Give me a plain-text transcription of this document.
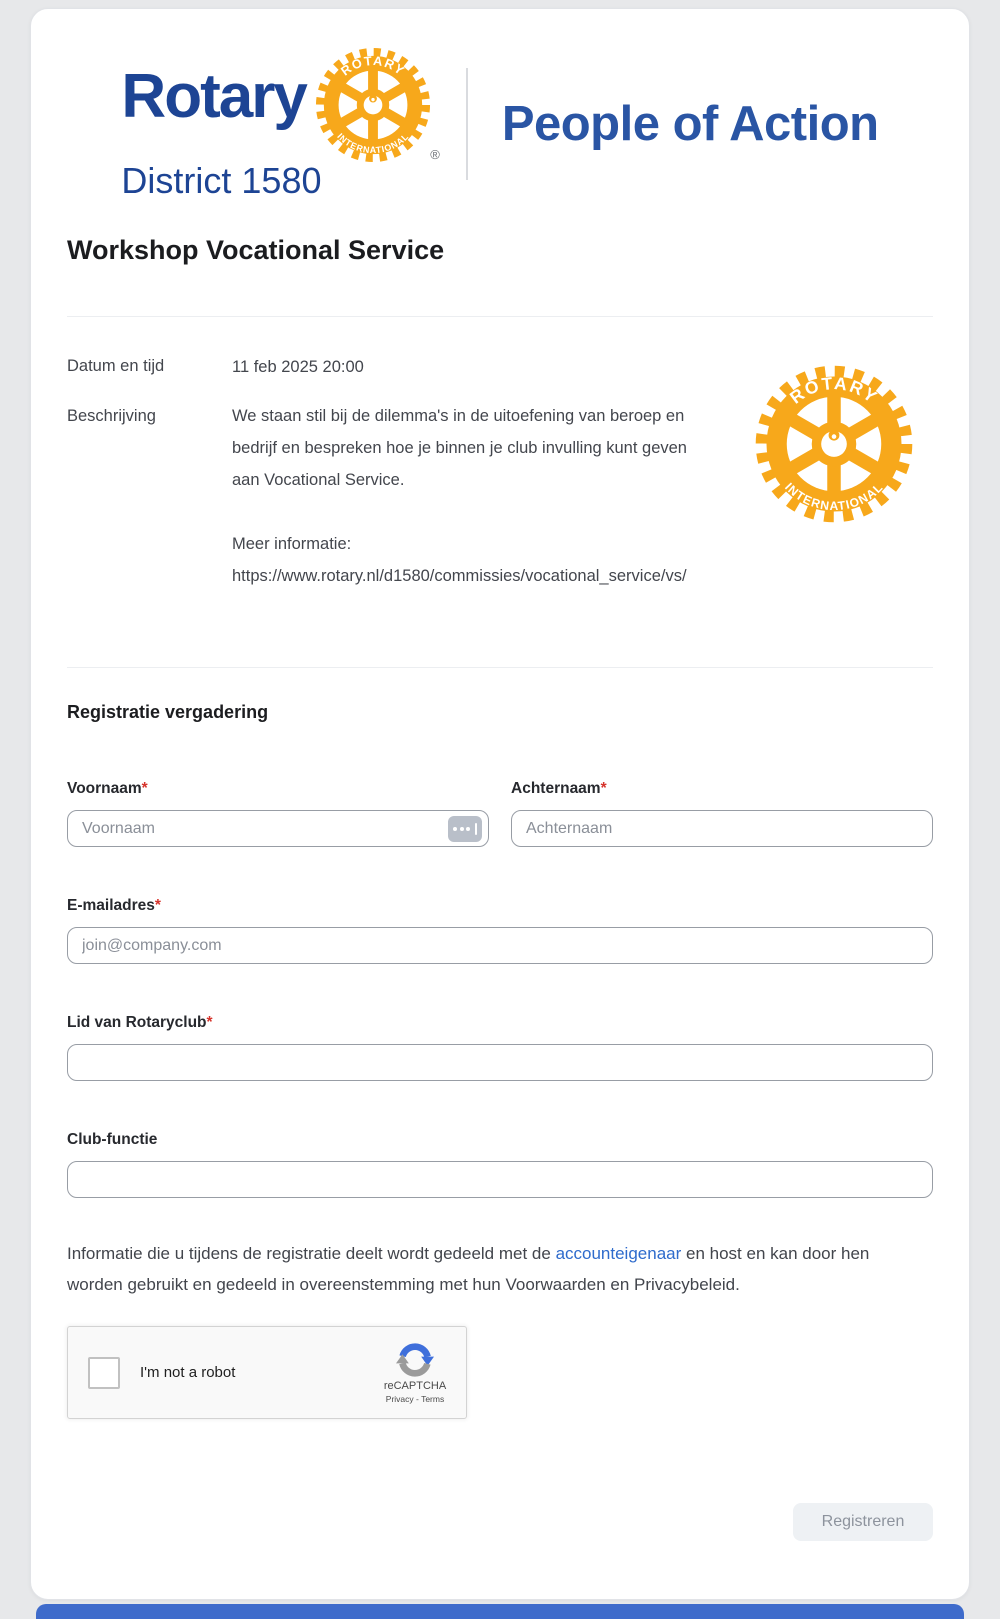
Rotary
®
District 1580
People of Action
Workshop Vocational Service
Datum en tijd	11 feb 2025 20:00
Beschrijving	We staan stil bij de dilemma's in de uitoefening van beroep en bedrijf en bespreken hoe je binnen je club invulling kunt geven aan Vocational Service.
Meer informatie:
https://www.rotary.nl/d1580/commissies/vocational_service/vs/
Registratie vergadering
Voornaam*
Voornaam	Achternaam*
Achternaam
E-mailadres*
join@company.com
Lid van Rotaryclub*
Club-functie
Informatie die u tijdens de registratie deelt wordt gedeeld met de accounteigenaar en host en kan door hen worden gebruikt en gedeeld in overeenstemming met hun Voorwaarden en Privacybeleid.
I'm not a robot
reCAPTCHA
Privacy - Terms
Registreren
